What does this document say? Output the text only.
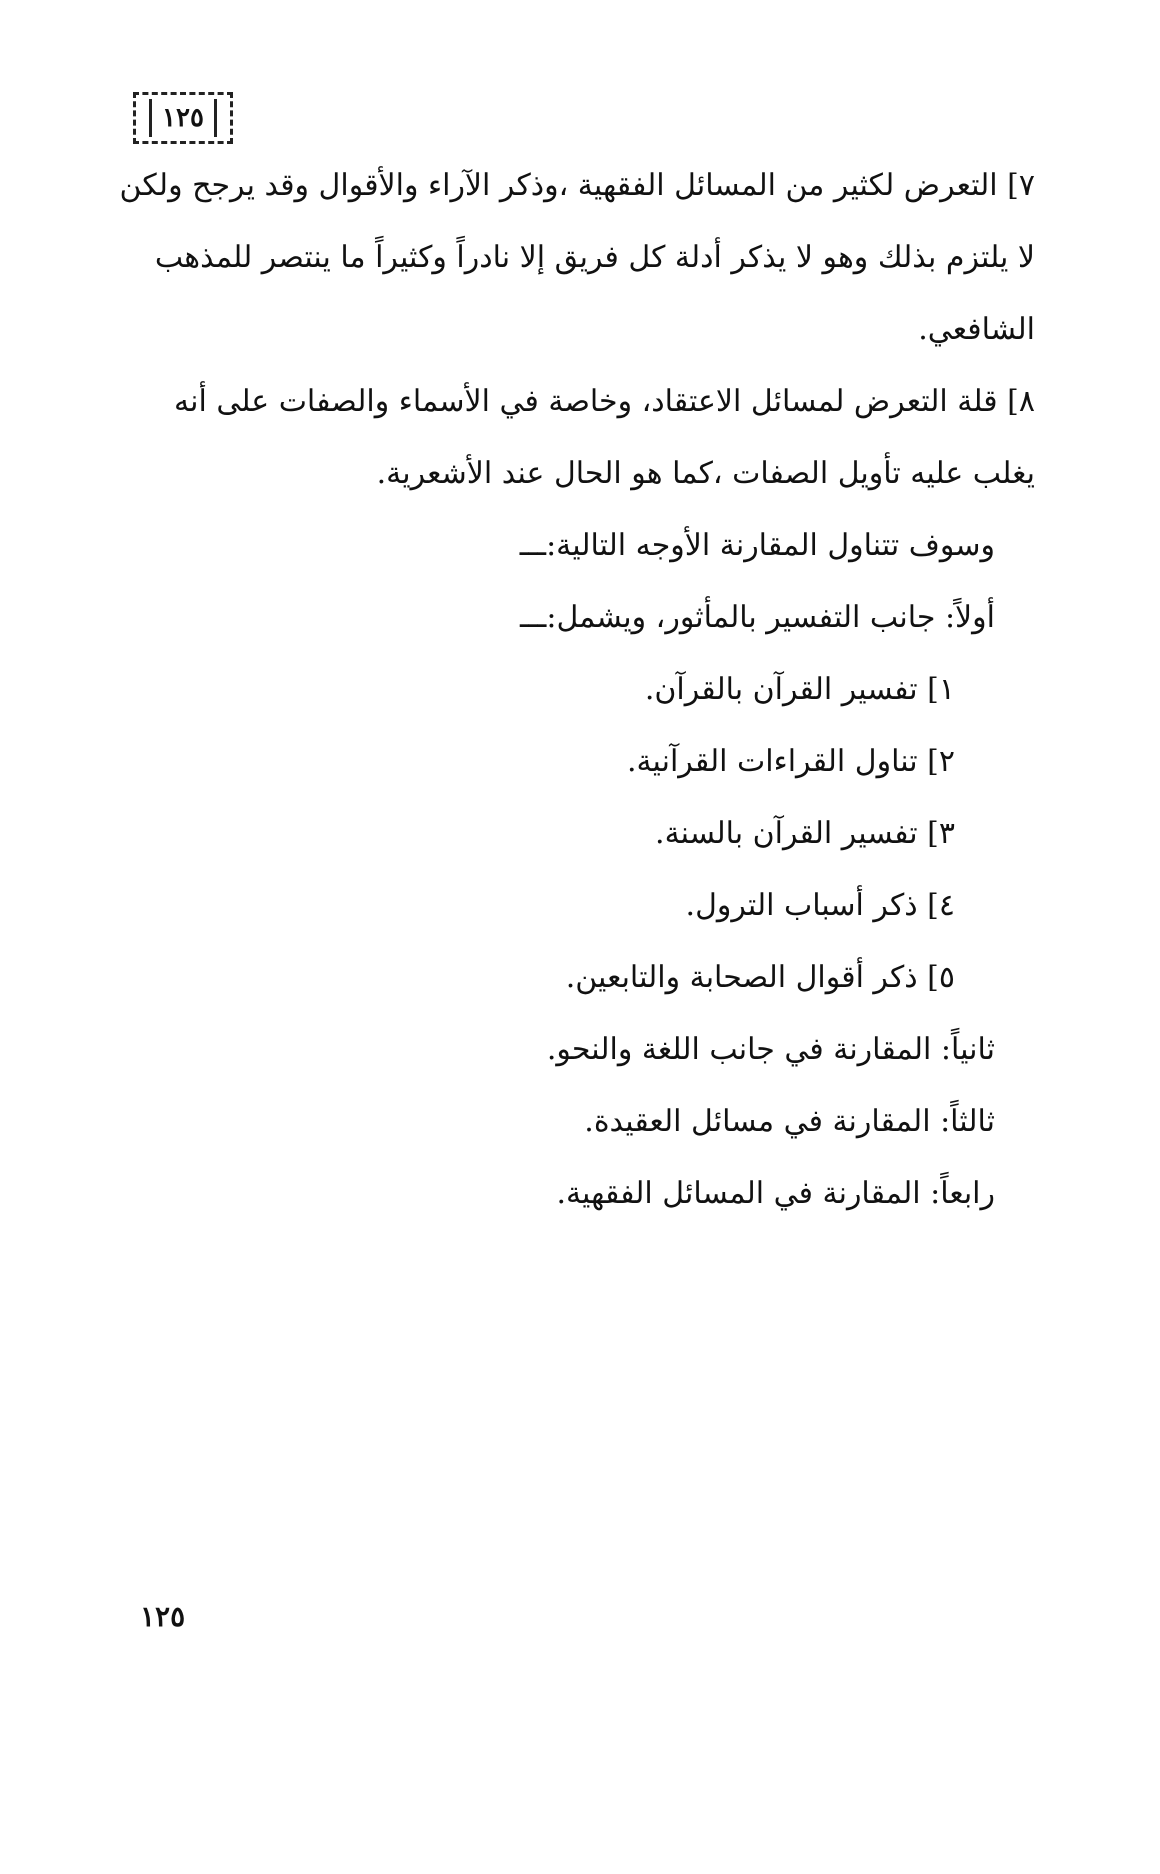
١٢٥

٧] التعرض لكثير من المسائل الفقهية ،وذكر الآراء والأقوال وقد يرجح ولكن لا يلتزم بذلك وهو لا يذكر أدلة كل فريق إلا نادراً وكثيراً ما ينتصر للمذهب الشافعي.

٨] قلة التعرض لمسائل الاعتقاد، وخاصة في الأسماء والصفات على أنه يغلب عليه تأويل الصفات ،كما هو الحال عند الأشعرية.

وسوف تتناول المقارنة الأوجه التالية:ـــ

أولاً: جانب التفسير بالمأثور، ويشمل:ـــ

١] تفسير القرآن بالقرآن.

٢] تناول القراءات القرآنية.

٣] تفسير القرآن بالسنة.

٤] ذكر أسباب الترول.

٥] ذكر أقوال الصحابة والتابعين.

ثانياً: المقارنة في جانب اللغة والنحو.

ثالثاً: المقارنة في مسائل العقيدة.

رابعاً: المقارنة في المسائل الفقهية.

١٢٥
